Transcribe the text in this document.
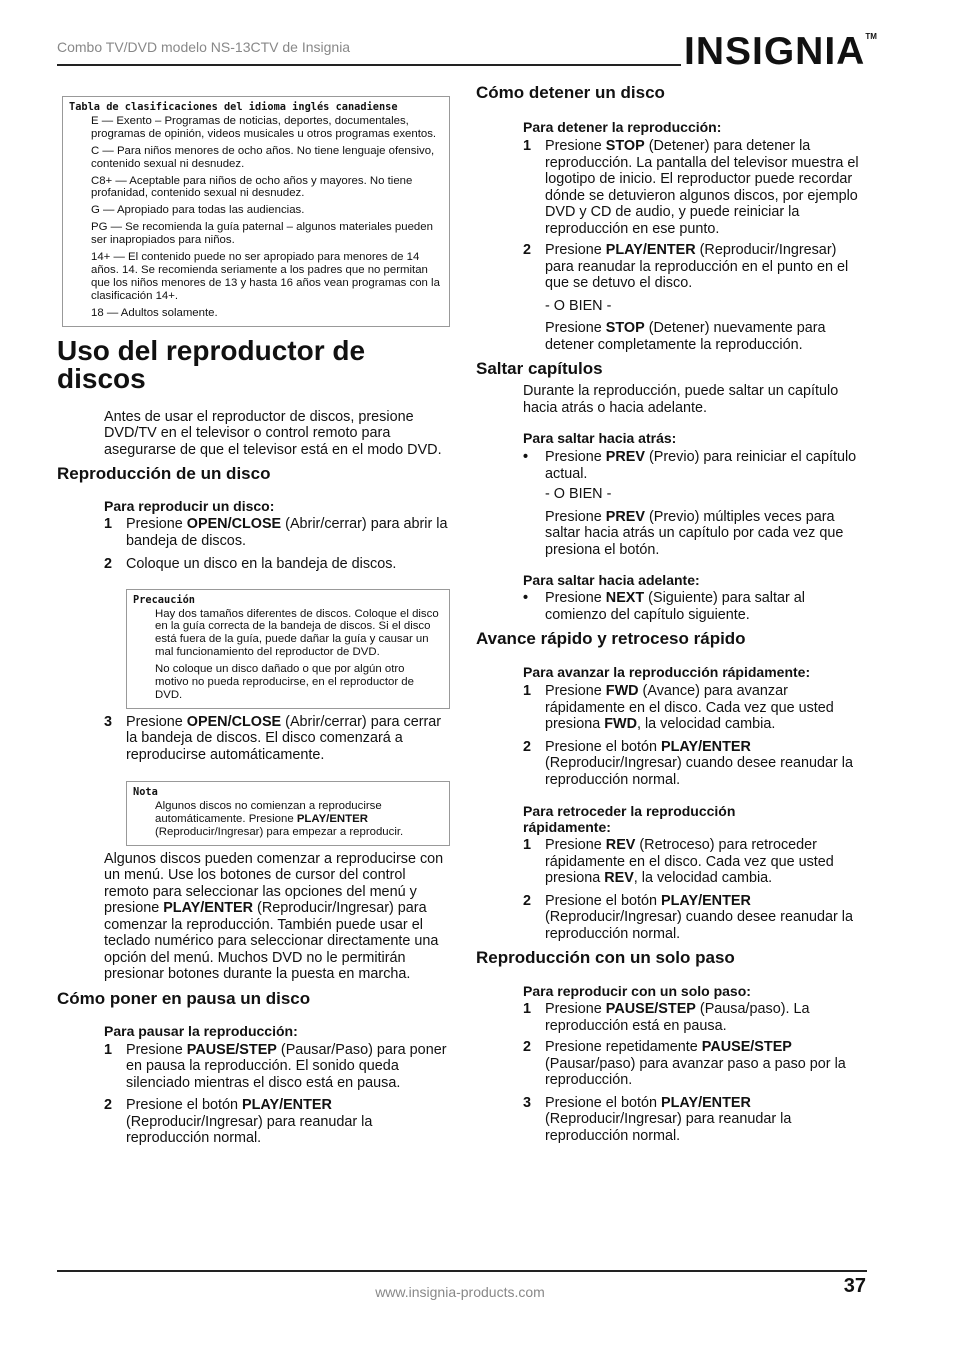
Combo TV/DVD modelo NS-13CTV de Insignia	INSIGNIA™
Tabla de clasificaciones del idioma inglés canadiense

E — Exento – Programas de noticias, deportes, documentales, programas de opinión, videos musicales u otros programas exentos.

C — Para niños menores de ocho años. No tiene lenguaje ofensivo, contenido sexual ni desnudez.

C8+ — Aceptable para niños de ocho años y mayores. No tiene profanidad, contenido sexual ni desnudez.

G — Apropiado para todas las audiencias.

PG — Se recomienda la guía paternal – algunos materiales pueden ser inapropiados para niños.

14+ — El contenido puede no ser apropiado para menores de 14 años. 14. Se recomienda seriamente a los padres que no permitan que los niños menores de 13 y hasta 16 años vean programas con la clasificación 14+.

18 — Adultos solamente.

Uso del reproductor de discos

Antes de usar el reproductor de discos, presione DVD/TV en el televisor o control remoto para asegurarse de que el televisor está en el modo DVD.

Reproducción de un disco
Para reproducir un disco:
1 Presione OPEN/CLOSE (Abrir/cerrar) para abrir la bandeja de discos.
2 Coloque un disco en la bandeja de discos.
Precaución

Hay dos tamaños diferentes de discos. Coloque el disco en la guía correcta de la bandeja de discos. Si el disco está fuera de la guía, puede dañar la guía y causar un mal funcionamiento del reproductor de DVD.

No coloque un disco dañado o que por algún otro motivo no pueda reproducirse, en el reproductor de DVD.

3 Presione OPEN/CLOSE (Abrir/cerrar) para cerrar la bandeja de discos. El disco comenzará a reproducirse automáticamente.
Nota

Algunos discos no comienzan a reproducirse automáticamente. Presione PLAY/ENTER (Reproducir/Ingresar) para empezar a reproducir.

Algunos discos pueden comenzar a reproducirse con un menú. Use los botones de cursor del control remoto para seleccionar las opciones del menú y presione PLAY/ENTER (Reproducir/Ingresar) para comenzar la reproducción. También puede usar el teclado numérico para seleccionar directamente una opción del menú. Muchos DVD no le permitirán presionar botones durante la puesta en marcha.

Cómo poner en pausa un disco
Para pausar la reproducción:
1 Presione PAUSE/STEP (Pausar/Paso) para poner en pausa la reproducción. El sonido queda silenciado mientras el disco está en pausa.
2 Presione el botón PLAY/ENTER (Reproducir/Ingresar) para reanudar la reproducción normal.
Cómo detener un disco
Para detener la reproducción:
1 Presione STOP (Detener) para detener la reproducción. La pantalla del televisor muestra el logotipo de inicio. El reproductor puede recordar dónde se detuvieron algunos discos, por ejemplo DVD y CD de audio, y puede reiniciar la reproducción en ese punto.
2 Presione PLAY/ENTER (Reproducir/Ingresar) para reanudar la reproducción en el punto en el que se detuvo el disco.

- O BIEN -

Presione STOP (Detener) nuevamente para detener completamente la reproducción.

Saltar capítulos

Durante la reproducción, puede saltar un capítulo hacia atrás o hacia adelante.

Para saltar hacia atrás:
•	Presione PREV (Previo) para reiniciar el capítulo actual.

- O BIEN -

Presione PREV (Previo) múltiples veces para saltar hacia atrás un capítulo por cada vez que presiona el botón.

Para saltar hacia adelante:
•	Presione NEXT (Siguiente) para saltar al comienzo del capítulo siguiente.
Avance rápido y retroceso rápido
Para avanzar la reproducción rápidamente:
1 Presione FWD (Avance) para avanzar rápidamente en el disco. Cada vez que usted presiona FWD, la velocidad cambia.
2 Presione el botón PLAY/ENTER (Reproducir/Ingresar) cuando desee reanudar la reproducción normal.
Para retroceder la reproducción rápidamente:
1 Presione REV (Retroceso) para retroceder rápidamente en el disco. Cada vez que usted presiona REV, la velocidad cambia.
2 Presione el botón PLAY/ENTER (Reproducir/Ingresar) cuando desee reanudar la reproducción normal.
Reproducción con un solo paso
Para reproducir con un solo paso:
1 Presione PAUSE/STEP (Pausa/paso). La reproducción está en pausa.
2 Presione repetidamente PAUSE/STEP (Pausar/paso) para avanzar paso a paso por la reproducción.
3 Presione el botón PLAY/ENTER (Reproducir/Ingresar) para reanudar la reproducción normal.
www.insignia-products.com	37
